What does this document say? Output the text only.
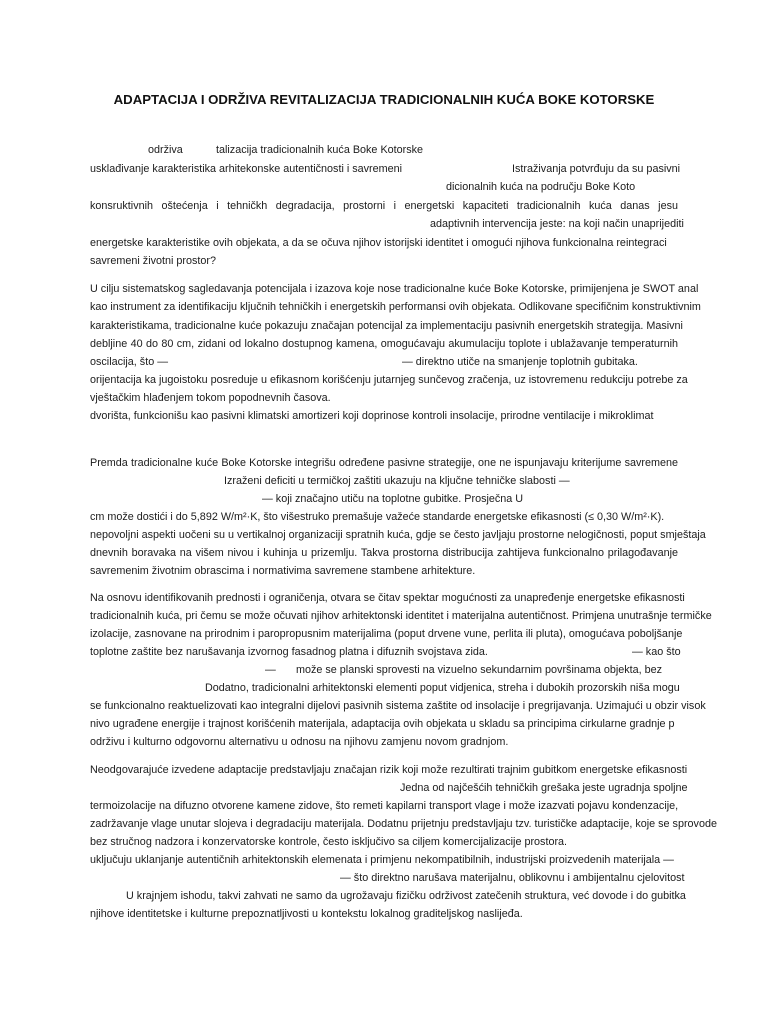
ADAPTACIJA I ODRŽIVA REVITALIZACIJA TRADICIONALNIH KUĆA BOKE KOTORSKE
održiva	talizacija tradicionalnih kuća Boke Kotorske
usklađivanje karakteristika arhitekonske autentičnosti i savremeni	Istraživanja potvrđuju da su pasivni
dicionalnih kuća na području Boke Koto
konsruktivnih oštećenja i tehničkh degradacija, prostorni i energetski kapaciteti tradicionalnih kuća danas jesu
adaptivnih intervencija jeste: na koji način unaprijediti
energetske karakteristike ovih objekata, a da se očuva njihov istorijski identitet i omogući njihova funkcionalna reintegraci
savremeni životni prostor?
U cilju sistematskog sagledavanja potencijala i izazova koje nose tradicionalne kuće Boke Kotorske, primijenjena je SWOT anal
kao instrument za identifikaciju ključnih tehničkih i energetskih performansi ovih objekata. Odlikovane specifičnim konstruktivnim
karakteristikama, tradicionalne kuće pokazuju značajan potencijal za implementaciju pasivnih energetskih strategija. Masivni
debljine 40 do 80 cm, zidani od lokalno dostupnog kamena, omogućavaju akumulaciju toplote i ublažavanje temperaturnih
oscilacija, što —	— direktno utiče na smanjenje toplotnih gubitaka.
orijentacija ka jugoistoku posreduje u efikasnom korišćenju jutarnjeg sunčevog zračenja, uz istovremenu redukciju potrebe za
vještačkim hlađenjem tokom popodnevnih časova.
dvorišta, funkcionišu kao pasivni klimatski amortizeri koji doprinose kontroli insolacije, prirodne ventilacije i mikroklimat
Premda tradicionalne kuće Boke Kotorske integrišu određene pasivne strategije, one ne ispunjavaju kriterijume savremene
Izraženi deficiti u termičkoj zaštiti ukazuju na ključne tehničke slabosti —
— koji značajno utiču na toplotne gubitke. Prosječna U
cm može dostići i do 5,892 W/m²·K, što višestruko premašuje važeće standarde energetske efikasnosti (≤ 0,30 W/m²·K).
nepovoljni aspekti uočeni su u vertikalnoj organizaciji spratnih kuća, gdje se često javljaju prostorne nelogičnosti, poput smještaja
dnevnih boravaka na višem nivou i kuhinja u prizemlju. Takva prostorna distribucija zahtijeva funkcionalno prilagođavanje
savremenim životnim obrascima i normativima savremene stambene arhitekture.
Na osnovu identifikovanih prednosti i ograničenja, otvara se čitav spektar mogućnosti za unapređenje energetske efikasnosti
tradicionalnih kuća, pri čemu se može očuvati njihov arhitektonski identitet i materijalna autentičnost. Primjena unutrašnje termičke
izolacije, zasnovane na prirodnim i paropropusnim materijalima (poput drvene vune, perlita ili pluta), omogućava poboljšanje
toplotne zaštite bez narušavanja izvornog fasadnog platna i difuznih svojstava zida.	— kao što
— može se planski sprovesti na vizuelno sekundarnim površinama objekta, bez
Dodatno, tradicionalni arhitektonski elementi poput vidjenica, streha i dubokih prozorskih niša mogu
se funkcionalno reaktuelizovati kao integralni dijelovi pasivnih sistema zaštite od insolacije i pregrijavanja. Uzimajući u obzir visok
nivo ugrađene energije i trajnost korišćenih materijala, adaptacija ovih objekata u skladu sa principima cirkularne gradnje p
održivu i kulturno odgovornu alternativu u odnosu na njihovu zamjenu novom gradnjom.
Neodgovarajuće izvedene adaptacije predstavljaju značajan rizik koji može rezultirati trajnim gubitkom energetske efikasnosti
Jedna od najčešćih tehničkih grešaka jeste ugradnja spoljne
termoizolacije na difuzno otvorene kamene zidove, što remeti kapilarni transport vlage i može izazvati pojavu kondenzacije,
zadržavanje vlage unutar slojeva i degradaciju materijala. Dodatnu prijetnju predstavljaju tzv. turističke adaptacije, koje se sprovode
bez stručnog nadzora i konzervatorske kontrole, često isključivo sa ciljem komercijalizacije prostora.
uključuju uklanjanje autentičnih arhitektonskih elemenata i primjenu nekompatibilnih, industrijski proizvedenih materijala —
— što direktno narušava materijalnu, oblikovnu i ambijentalnu cjelovitost
U krajnjem ishodu, takvi zahvati ne samo da ugrožavaju fizičku održivost zatečenih struktura, već dovode i do gubitka
njihove identitetske i kulturne prepoznatljivosti u kontekstu lokalnog graditeljskog naslijeđa.
